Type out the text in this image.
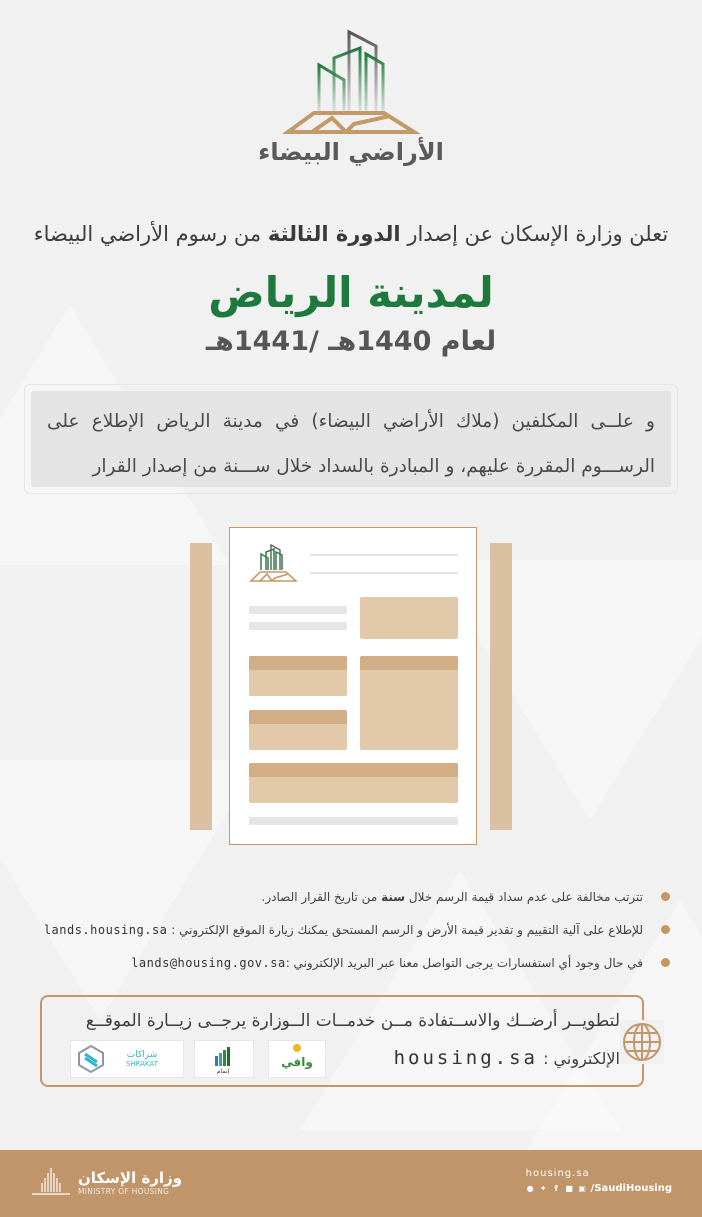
الأراضي البيضاء
تعلن وزارة الإسكان عن إصدار الدورة الثالثة من رسوم الأراضي البيضاء
لمدينة الرياض
لعام 1440هـ /1441هـ
و علــى المكلفين (ملاك الأراضي البيضاء) في مدينة الرياض الإطلاع على الرســـوم المقررة عليهم، و المبادرة بالسداد خلال ســـنة من إصدار القرار
تترتب مخالفة على عدم سداد قيمة الرسم خلال سنة من تاريخ القرار الصادر.
للإطلاع على آلية التقييم و تقدير قيمة الأرض و الرسم المستحق يمكنك زيارة الموقع الإلكتروني : lands.housing.sa
في حال وجود أي استفسارات يرجى التواصل معنا عبر البريد الإلكتروني :lands@housing.gov.sa
لتطويــر أرضــك والاســتفادة مــن خدمــات الــوزارة يرجــى زيــارة الموقــع
الإلكتروني : housing.sa
وافي
إتمام
شراكات
SHRAKAT
وزارة الإسكان
MINISTRY OF HOUSING
housing.sa
● ✦ f ■ ▣ /SaudiHousing
